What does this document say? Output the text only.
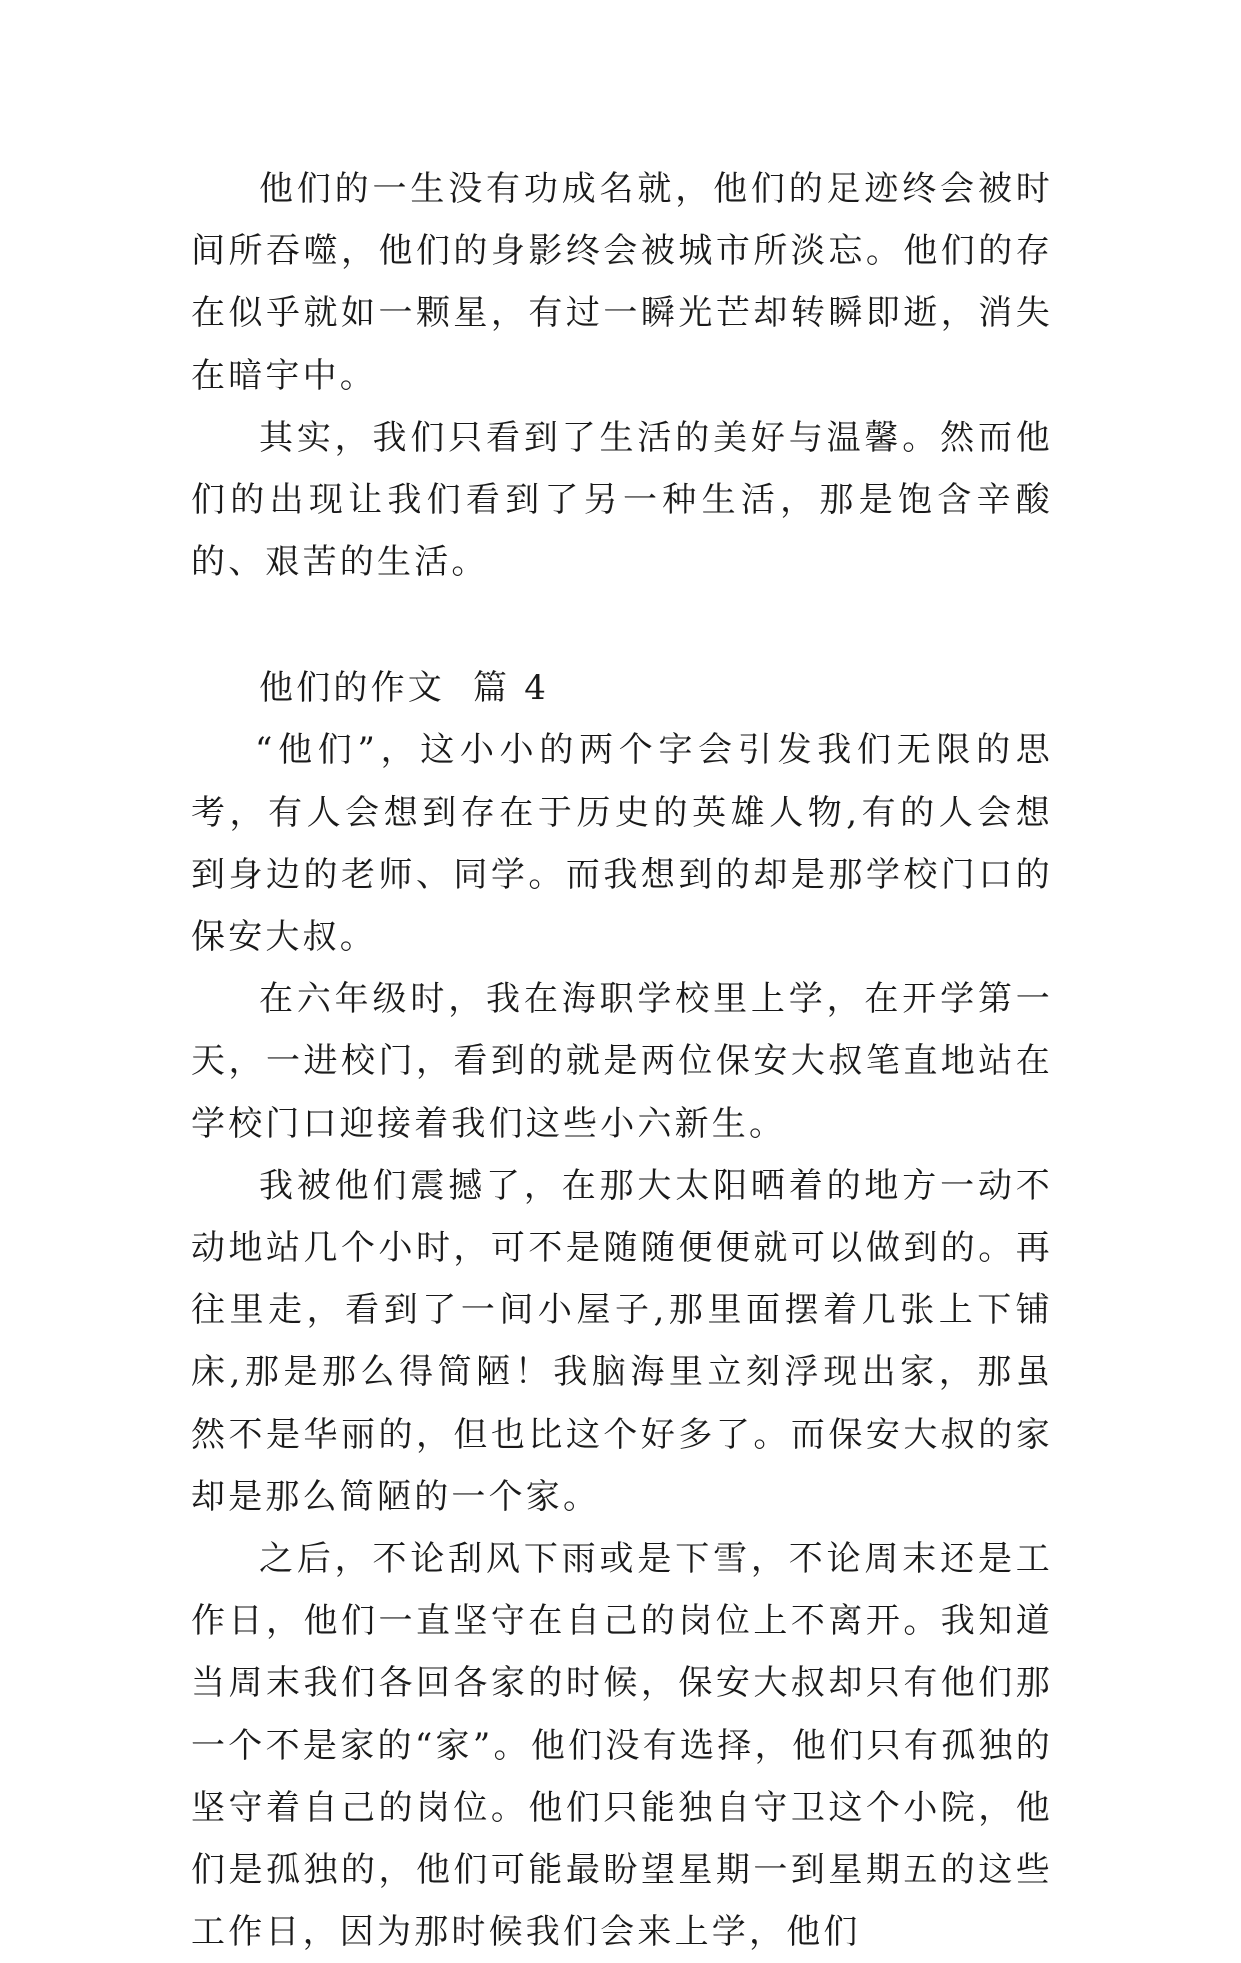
他们的一生没有功成名就，他们的足迹终会被时间所吞噬，他们的身影终会被城市所淡忘。他们的存在似乎就如一颗星，有过一瞬光芒却转瞬即逝，消失在暗宇中。

其实，我们只看到了生活的美好与温馨。然而他们的出现让我们看到了另一种生活，那是饱含辛酸的、艰苦的生活。

他们的作文  篇 4

“他们”，这小小的两个字会引发我们无限的思考，有人会想到存在于历史的英雄人物,有的人会想到身边的老师、同学。而我想到的却是那学校门口的保安大叔。

在六年级时，我在海职学校里上学，在开学第一天，一进校门，看到的就是两位保安大叔笔直地站在学校门口迎接着我们这些小六新生。

我被他们震撼了，在那大太阳晒着的地方一动不动地站几个小时，可不是随随便便就可以做到的。再往里走，看到了一间小屋子,那里面摆着几张上下铺床,那是那么得简陋！我脑海里立刻浮现出家，那虽然不是华丽的，但也比这个好多了。而保安大叔的家却是那么简陋的一个家。

之后，不论刮风下雨或是下雪，不论周末还是工作日，他们一直坚守在自己的岗位上不离开。我知道当周末我们各回各家的时候，保安大叔却只有他们那一个不是家的“家”。他们没有选择，他们只有孤独的坚守着自己的岗位。他们只能独自守卫这个小院，他们是孤独的，他们可能最盼望星期一到星期五的这些工作日，因为那时候我们会来上学，他们
